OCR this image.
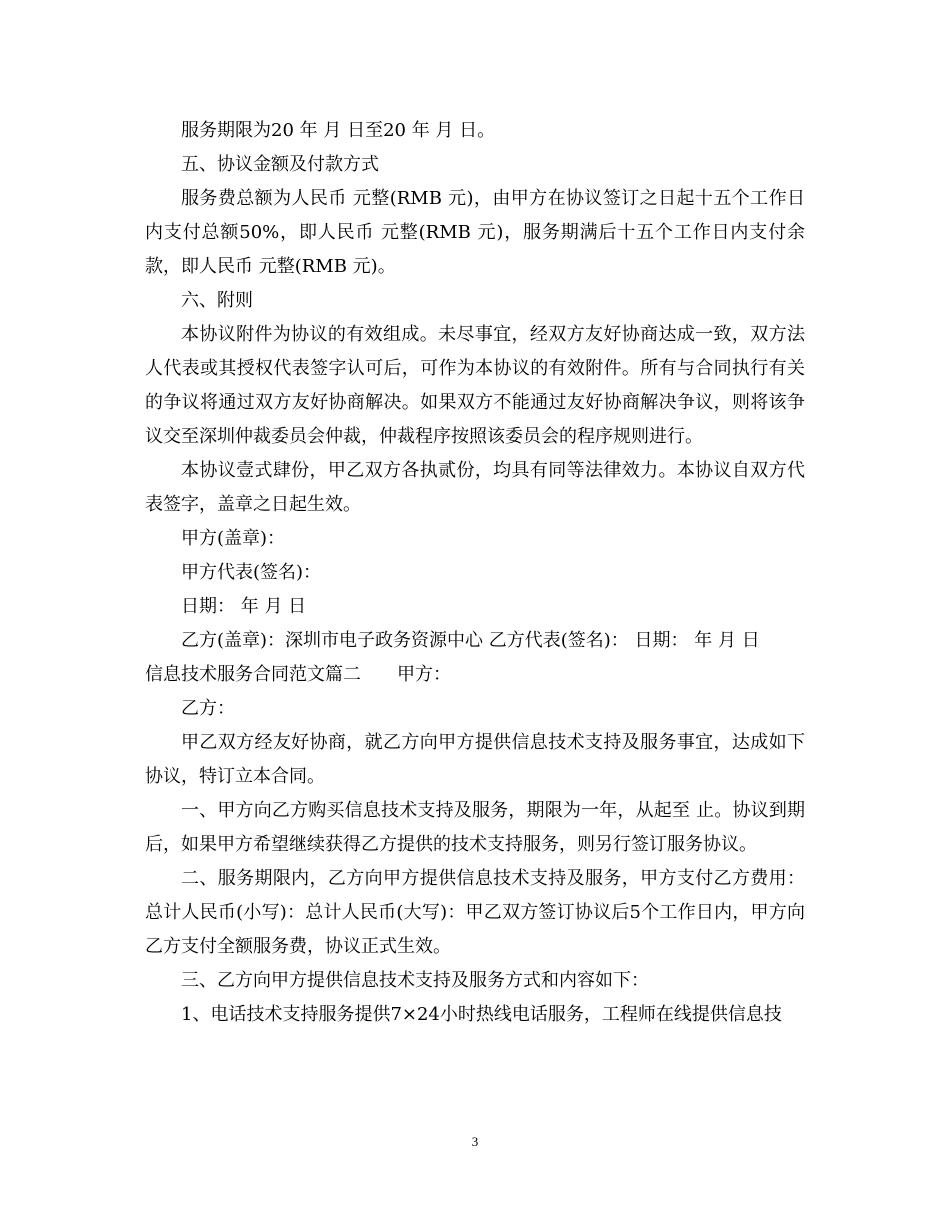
服务期限为20 年 月 日至20 年 月 日。

五、协议金额及付款方式

服务费总额为人民币 元整(RMB 元)，由甲方在协议签订之日起十五个工作日内支付总额50%，即人民币 元整(RMB 元)，服务期满后十五个工作日内支付余款，即人民币 元整(RMB 元)。

六、附则

本协议附件为协议的有效组成。未尽事宜，经双方友好协商达成一致，双方法人代表或其授权代表签字认可后，可作为本协议的有效附件。所有与合同执行有关的争议将通过双方友好协商解决。如果双方不能通过友好协商解决争议，则将该争议交至深圳仲裁委员会仲裁，仲裁程序按照该委员会的程序规则进行。

本协议壹式肆份，甲乙双方各执贰份，均具有同等法律效力。本协议自双方代表签字，盖章之日起生效。

甲方(盖章)：

甲方代表(签名)：

日期： 年 月 日

乙方(盖章)：深圳市电子政务资源中心 乙方代表(签名)： 日期： 年 月 日

信息技术服务合同范文篇二　　甲方：

乙方：

甲乙双方经友好协商，就乙方向甲方提供信息技术支持及服务事宜，达成如下协议，特订立本合同。

一、甲方向乙方购买信息技术支持及服务，期限为一年，从起至 止。协议到期后，如果甲方希望继续获得乙方提供的技术支持服务，则另行签订服务协议。

二、服务期限内，乙方向甲方提供信息技术支持及服务，甲方支付乙方费用： 总计人民币(小写)：总计人民币(大写)：甲乙双方签订协议后5个工作日内，甲方向乙方支付全额服务费，协议正式生效。

三、乙方向甲方提供信息技术支持及服务方式和内容如下：

1、电话技术支持服务提供7×24小时热线电话服务，工程师在线提供信息技

3
